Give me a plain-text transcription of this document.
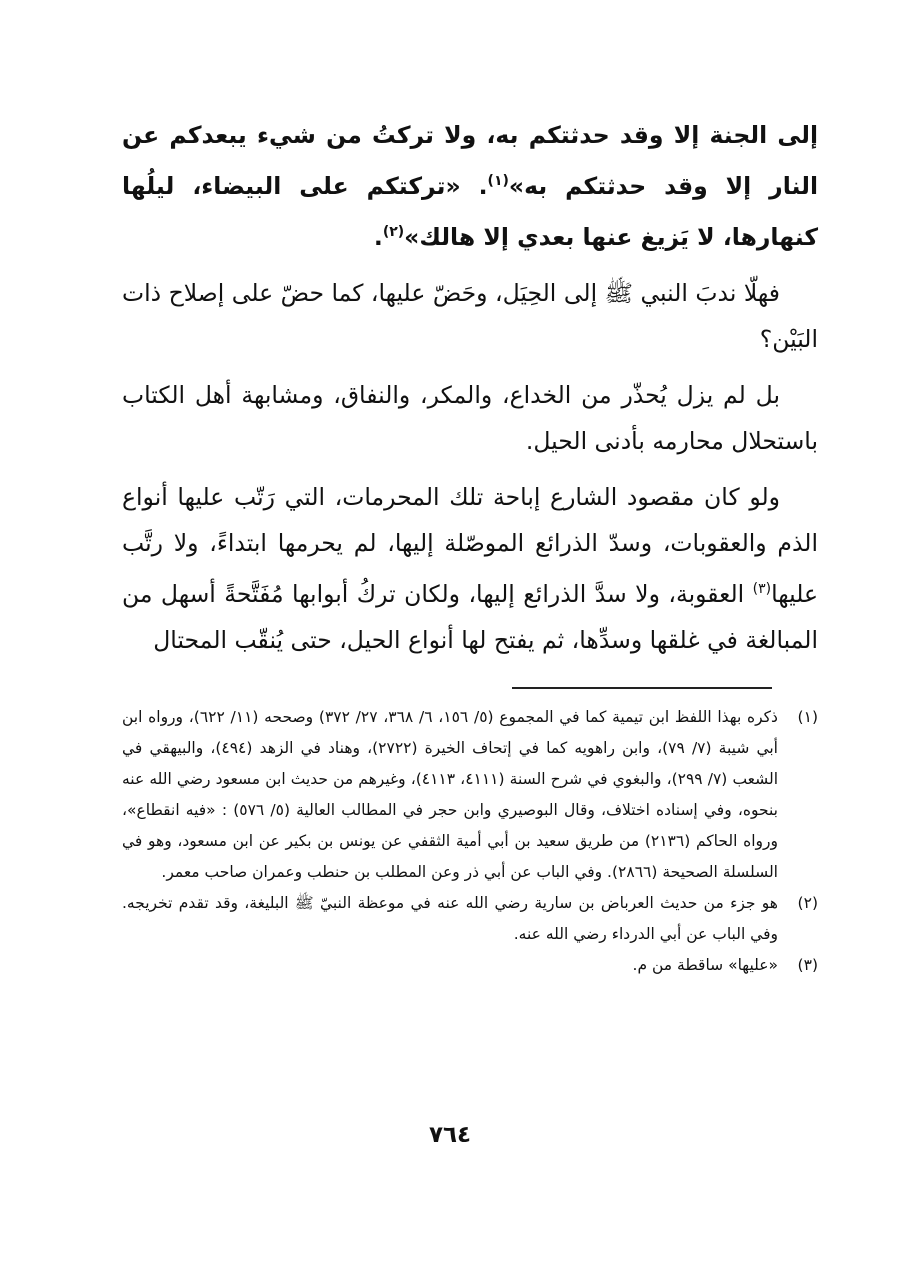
إلى الجنة إلا وقد حدثتكم به، ولا تركتُ من شيء يبعدكم عن النار إلا وقد حدثتكم به»$^{(١)}$. «تركتكم على البيضاء، ليلُها كنهارها، لا يَزيغ عنها بعدي إلا هالك»$^{(٢)}$.

فهلّا ندبَ النبي ﷺ إلى الحِيَل، وحَضّ عليها، كما حضّ على إصلاح ذات البَيْن؟

بل لم يزل يُحذّر من الخداع، والمكر، والنفاق، ومشابهة أهل الكتاب باستحلال محارمه بأدنى الحيل.

ولو كان مقصود الشارع إباحة تلك المحرمات، التي رَتّب عليها أنواع الذم والعقوبات، وسدّ الذرائع الموصّلة إليها، لم يحرمها ابتداءً، ولا رتَّب عليها$^{(٣)}$ العقوبة، ولا سدَّ الذرائع إليها، ولكان تركُ أبوابها مُفَتَّحةً أسهل من المبالغة في غلقها وسدِّها، ثم يفتح لها أنواع الحيل، حتى يُنقّب المحتال

(١)
ذكره بهذا اللفظ ابن تيمية كما في المجموع (٥/ ١٥٦، ٦/ ٣٦٨، ٢٧/ ٣٧٢) وصححه (١١/ ٦٢٢)، ورواه ابن أبي شيبة (٧/ ٧٩)، وابن راهويه كما في إتحاف الخيرة (٢٧٢٢)، وهناد في الزهد (٤٩٤)، والبيهقي في الشعب (٧/ ٢٩٩)، والبغوي في شرح السنة (٤١١١، ٤١١٣)، وغيرهم من حديث ابن مسعود رضي الله عنه بنحوه، وفي إسناده اختلاف، وقال البوصيري وابن حجر في المطالب العالية (٥/ ٥٧٦) : «فيه انقطاع»، ورواه الحاكم (٢١٣٦) من طريق سعيد بن أبي أمية الثقفي عن يونس بن بكير عن ابن مسعود، وهو في السلسلة الصحيحة (٢٨٦٦). وفي الباب عن أبي ذر وعن المطلب بن حنطب وعمران صاحب معمر.

(٢)
هو جزء من حديث العرباض بن سارية رضي الله عنه في موعظة النبيّ ﷺ البليغة، وقد تقدم تخريجه. وفي الباب عن أبي الدرداء رضي الله عنه.

(٣)
«عليها» ساقطة من م.

٧٦٤
